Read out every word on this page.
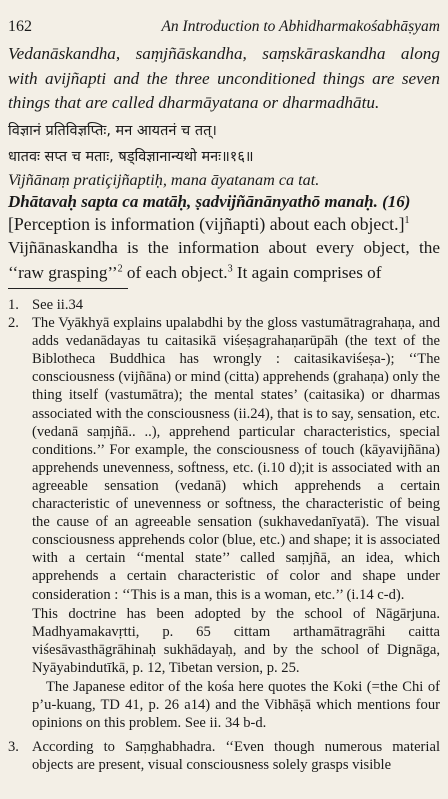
162	An Introduction to Abhidharmakośabhāṣyam

Vedanāskandha, saṃjñāskandha, saṃskāraskandha along with avijñapti and the three unconditioned things are seven things that are called dharmāyatana or dharmadhātu.

विज्ञानं प्रतिविज्ञप्तिः, मन आयतनं च तत्।

धातवः सप्त च मताः, षड्विज्ञानान्यथो मनः॥१६॥

Vijñānaṃ pratiçijñaptiḥ, mana āyatanam ca tat.

Dhātavaḥ sapta ca matāḥ, ṣadvijñānānyathō manaḥ. (16)

[Perception is information (vijñapti) about each object.]$^1$

Vijñānaskandha is the information about every object, the ‘‘raw grasping’’$^2$ of each object.$^3$ It again comprises of

1. See ii.34

2. The Vyākhyā explains upalabdhi by the gloss vastumātragrahaṇa, and adds vedanādayas tu caitasikā viśeṣagrahaṇarūpāh (the text of the Biblotheca Buddhica has wrongly : caitasikaviśeṣa-); ‘‘The consciousness (vijñāna) or mind (citta) apprehends (grahaṇa) only the thing itself (vastumātra); the mental states’ (caitasika) or dharmas associated with the consciousness (ii.24), that is to say, sensation, etc. (vedanā saṃjñā.. ..), apprehend particular characteristics, special conditions.’’ For example, the consciousness of touch (kāyavijñāna) apprehends unevenness, softness, etc. (i.10 d);it is associated with an agreeable sensation (vedanā) which apprehends a certain characteristic of unevenness or softness, the characteristic of being the cause of an agreeable sensation (sukhavedanīyatā). The visual consciousness apprehends color (blue, etc.) and shape; it is associated with a certain ‘‘mental state’’ called saṃjñā, an idea, which apprehends a certain characteristic of color and shape under consideration : ‘‘This is a man, this is a woman, etc.’’ (i.14 c-d).

This doctrine has been adopted by the school of Nāgārjuna. Madhyamakavṛtti, p. 65 cittam arthamātragrāhi caitta viśesāvasthāgrāhinaḥ sukhādayaḥ, and by the school of Dignāga, Nyāyabindutīkā, p. 12, Tibetan version, p. 25.

The Japanese editor of the kośa here quotes the Koki (=the Chi of p’u-kuang, TD 41, p. 26 a14) and the Vibhāṣā which mentions four opinions on this problem. See ii. 34 b-d.

3. According to Saṃghabhadra. ‘‘Even though numerous material objects are present, visual consciousness solely grasps visible
